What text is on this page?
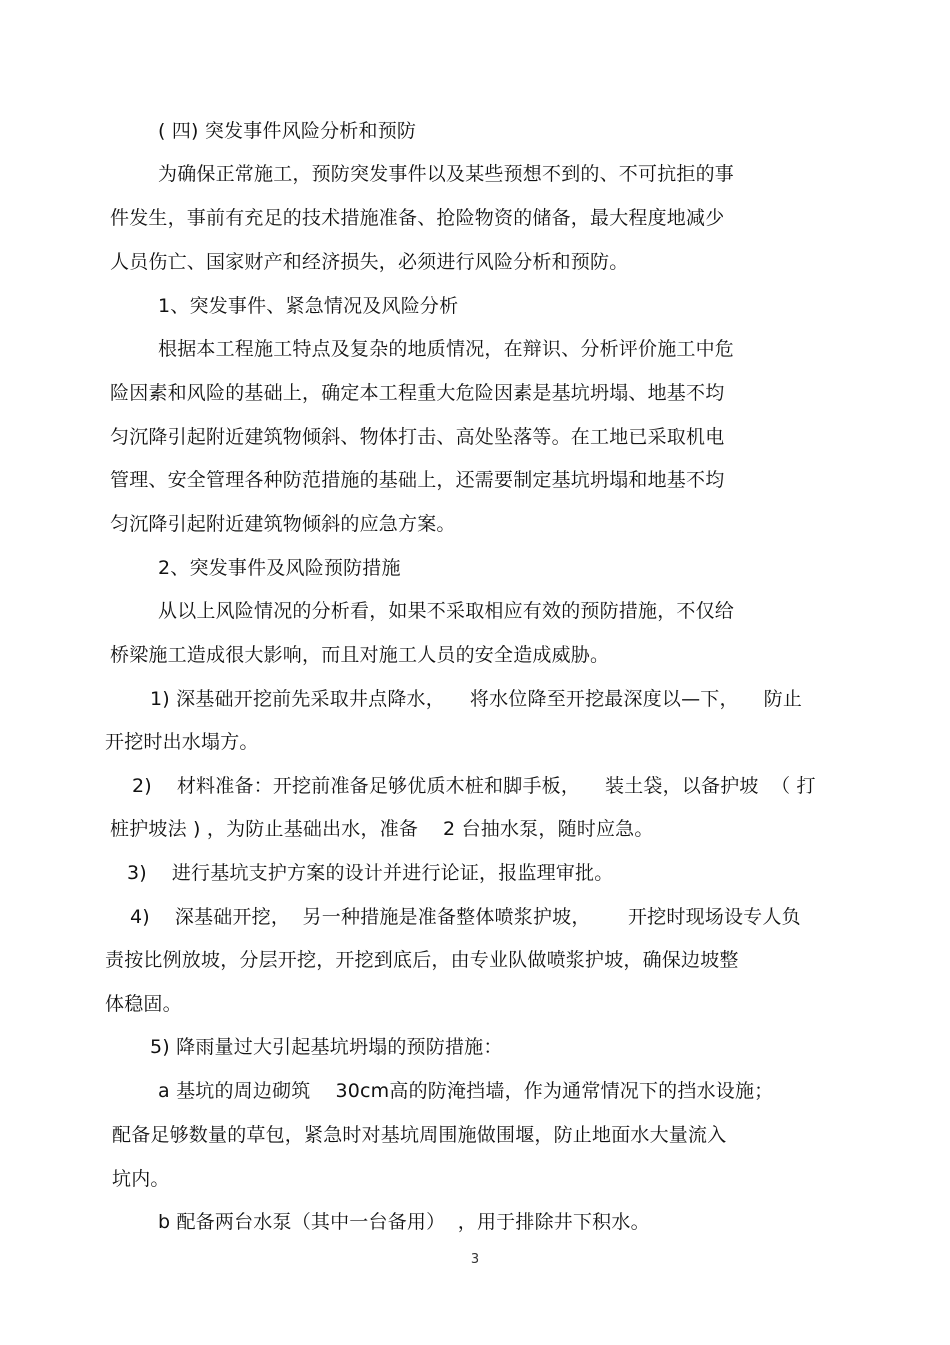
( 四) 突发事件风险分析和预防
为确保正常施工，预防突发事件以及某些预想不到的、不可抗拒的事
件发生，事前有充足的技术措施准备、抢险物资的储备，最大程度地减少
人员伤亡、国家财产和经济损失，必须进行风险分析和预防。
1、突发事件、紧急情况及风险分析
根据本工程施工特点及复杂的地质情况，在辩识、分析评价施工中危
险因素和风险的基础上，确定本工程重大危险因素是基坑坍塌、地基不均
匀沉降引起附近建筑物倾斜、物体打击、高处坠落等。在工地已采取机电
管理、安全管理各种防范措施的基础上，还需要制定基坑坍塌和地基不均
匀沉降引起附近建筑物倾斜的应急方案。
2、突发事件及风险预防措施
从以上风险情况的分析看，如果不采取相应有效的预防措施，不仅给
桥梁施工造成很大影响，而且对施工人员的安全造成威胁。
1) 深基础开挖前先采取井点降水，    将水位降至开挖最深度以—下，    防止
开挖时出水塌方。
2)    材料准备：开挖前准备足够优质木桩和脚手板，    装土袋，以备护坡  （ 打
桩护坡法 ) ，为防止基础出水，准备    2 台抽水泵，随时应急。
3)    进行基坑支护方案的设计并进行论证，报监理审批。
4)    深基础开挖，  另一种措施是准备整体喷浆护坡，      开挖时现场设专人负
责按比例放坡，分层开挖，开挖到底后，由专业队做喷浆护坡，确保边坡整
体稳固。
5) 降雨量过大引起基坑坍塌的预防措施：
a 基坑的周边砌筑    30cm高的防淹挡墙，作为通常情况下的挡水设施；
配备足够数量的草包，紧急时对基坑周围施做围堰，防止地面水大量流入
坑内。
b 配备两台水泵（其中一台备用）  ，用于排除井下积水。
3
